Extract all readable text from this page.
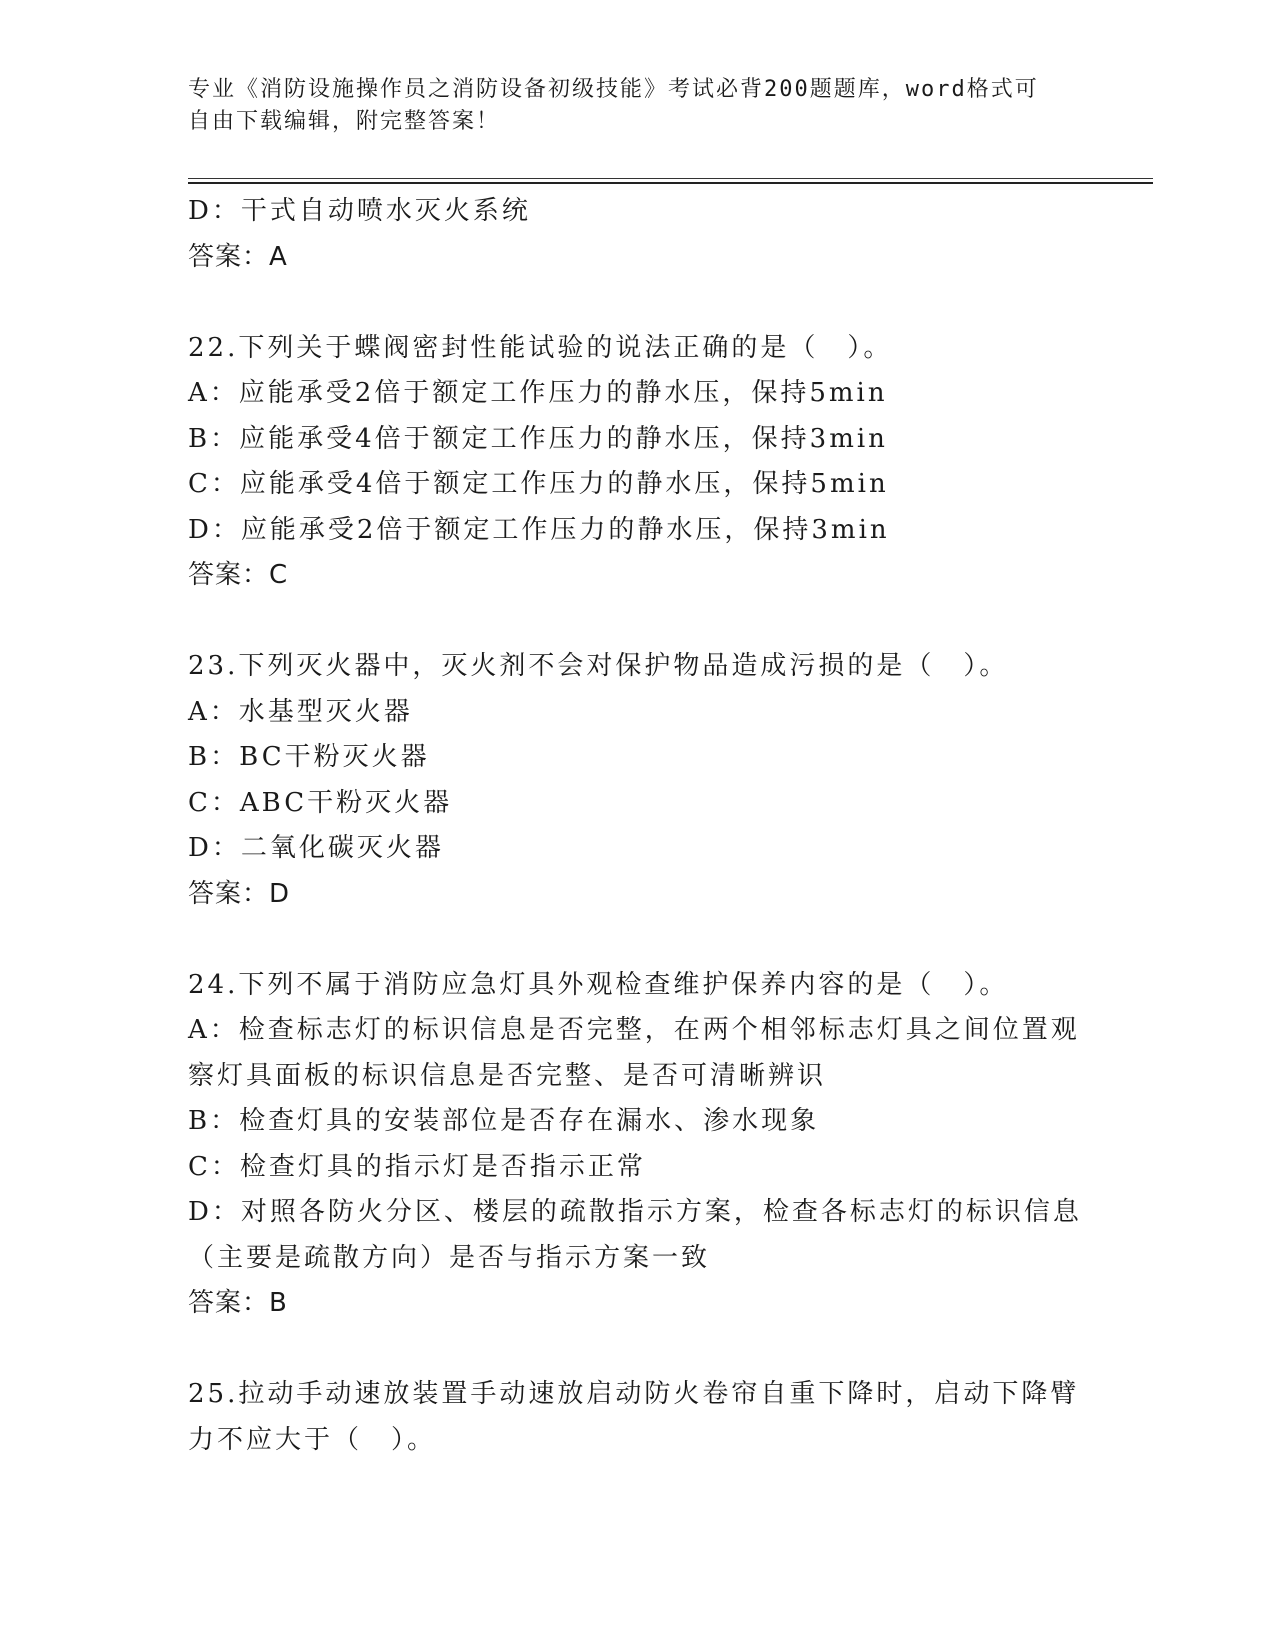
专业《消防设施操作员之消防设备初级技能》考试必背200题题库，word格式可
自由下载编辑，附完整答案！

D：干式自动喷水灭火系统

答案：A

22.下列关于蝶阀密封性能试验的说法正确的是（　）。

A：应能承受2倍于额定工作压力的静水压，保持5min

B：应能承受4倍于额定工作压力的静水压，保持3min

C：应能承受4倍于额定工作压力的静水压，保持5min

D：应能承受2倍于额定工作压力的静水压，保持3min

答案：C

23.下列灭火器中，灭火剂不会对保护物品造成污损的是（　）。

A：水基型灭火器

B：BC干粉灭火器

C：ABC干粉灭火器

D：二氧化碳灭火器

答案：D

24.下列不属于消防应急灯具外观检查维护保养内容的是（　）。

A：检查标志灯的标识信息是否完整，在两个相邻标志灯具之间位置观

察灯具面板的标识信息是否完整、是否可清晰辨识

B：检查灯具的安装部位是否存在漏水、渗水现象

C：检查灯具的指示灯是否指示正常

D：对照各防火分区、楼层的疏散指示方案，检查各标志灯的标识信息

（主要是疏散方向）是否与指示方案一致

答案：B

25.拉动手动速放装置手动速放启动防火卷帘自重下降时，启动下降臂

力不应大于（　）。
